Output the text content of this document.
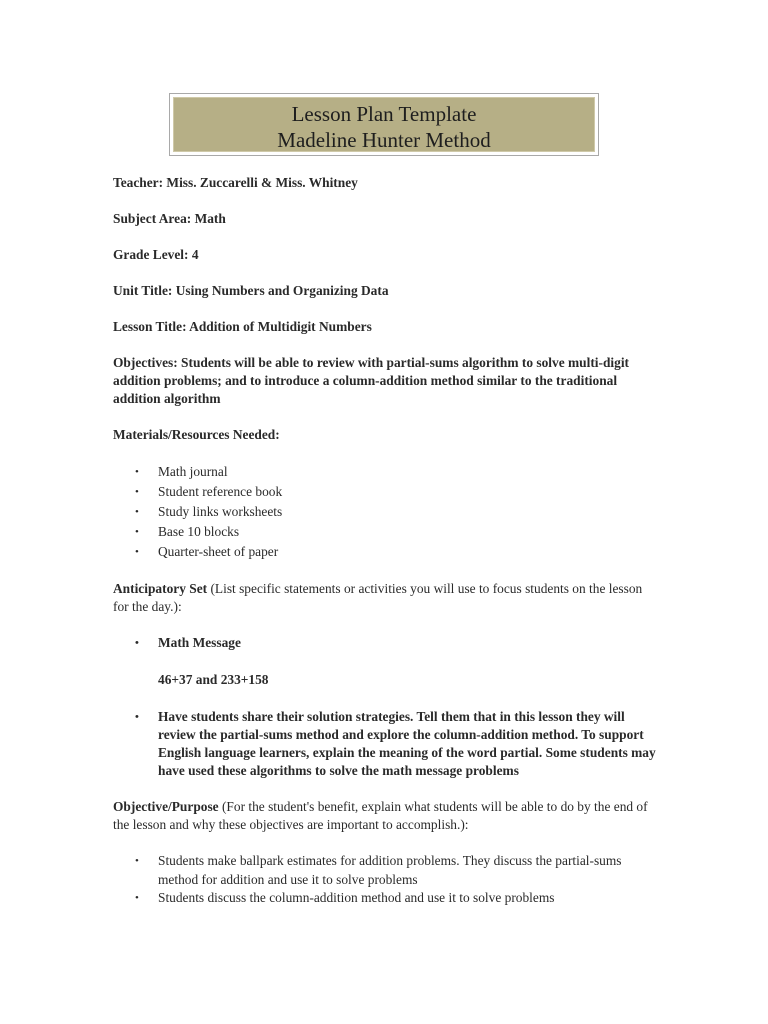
Lesson Plan Template
Madeline Hunter Method

Teacher: Miss. Zuccarelli & Miss. Whitney

Subject Area: Math

Grade Level: 4

Unit Title: Using Numbers and Organizing Data

Lesson Title: Addition of Multidigit Numbers

Objectives: Students will be able to review with partial-sums algorithm to solve multi-digit addition problems; and to introduce a column-addition method similar to the traditional addition algorithm

Materials/Resources Needed:

• Math journal
• Student reference book
• Study links worksheets
• Base 10 blocks
• Quarter-sheet of paper

Anticipatory Set (List specific statements or activities you will use to focus students on the lesson for the day.):

• Math Message
46+37 and 233+158
• Have students share their solution strategies. Tell them that in this lesson they will review the partial-sums method and explore the column-addition method. To support English language learners, explain the meaning of the word partial. Some students may have used these algorithms to solve the math message problems

Objective/Purpose (For the student's benefit, explain what students will be able to do by the end of the lesson and why these objectives are important to accomplish.):

• Students make ballpark estimates for addition problems. They discuss the partial-sums method for addition and use it to solve problems
• Students discuss the column-addition method and use it to solve problems
